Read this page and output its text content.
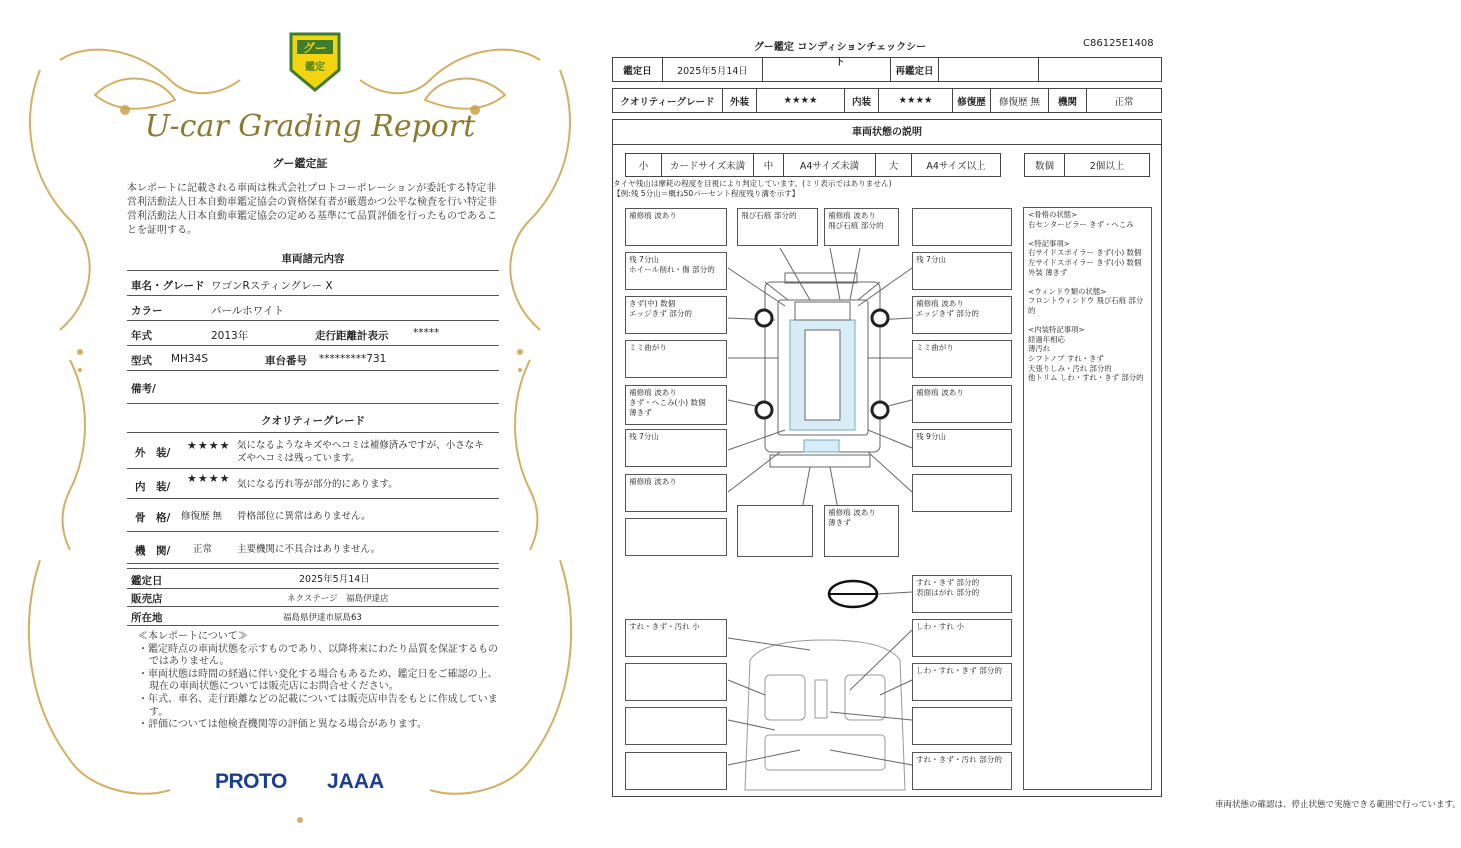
グー
鑑定
U-car Grading Report
グー鑑定証
本レポートに記載される車両は株式会社プロトコーポレーションが委託する特定非営利活動法人日本自動車鑑定協会の資格保有者が厳選かつ公平な検査を行い特定非営利活動法人日本自動車鑑定協会の定める基準にて品質評価を行ったものであることを証明する。
車両諸元内容
車名・グレード ワゴンRスティングレー X
カラー	パールホワイト
年式	2013年	走行距離計表示 *****
型式 MH34S	車台番号 *********731
備考/
クオリティーグレード
外　装/
★★★★ 気になるようなキズやヘコミは補修済みですが、小さなキズやヘコミは残っています。
内　装/
★★★★ 気になる汚れ等が部分的にあります。
骨　格/ 修復歴 無 骨格部位に異常はありません。
機　関/ 正常	主要機関に不具合はありません。
鑑定日	2025年5月14日
販売店	ネクステージ　福島伊達店
所在地	福島県伊達市原島63
≪本レポートについて≫
・鑑定時点の車両状態を示すものであり、以降将来にわたり品質を保証するものではありません。
・車両状態は時間の経過に伴い変化する場合もあるため、鑑定日をご確認の上、現在の車両状態については販売店にお問合せください。
・年式、車名、走行距離などの記載については販売店申告をもとに作成しています。
・評価については他検査機関等の評価と異なる場合があります。
PROTO JAAA
グー鑑定 コンディションチェックシート
C86125E1408
鑑定日	2025年5月14日	再鑑定日
クオリティーグレード	外装	★★★★	内装	★★★★	修復歴	修復歴 無	機関	正常
車両状態の説明
小	カードサイズ未満	中	A4サイズ未満	大	A4サイズ以上	数個	2個以上
タイヤ残山は摩耗の程度を目視により判定しています。(ミリ表示ではありません)
【例:残 5分山＝概ね50パーセント程度残り溝を示す】
車両状態の確認は、停止状態で実施できる範囲で行っています。
補修痕 波あり	飛び石痕 部分的	補修痕 波あり
飛び石痕 部分的
残 7分山
ホイール削れ・傷 部分的
残 7分山
きず(中) 数個
エッジきず 部分的
補修痕 波あり
エッジきず 部分的
ミミ曲がり	ミミ曲がり
補修痕 波あり
きず・へこみ(小) 数個
薄きず
補修痕 波あり
残 7分山	残 9分山
補修痕 波あり
補修痕 波あり
薄きず
すれ・きず 部分的
表面はがれ 部分的
すれ・きず・汚れ 小	しわ・すれ 小
しわ・すれ・きず 部分的
すれ・きず・汚れ 部分的
<骨格の状態>
右センターピラー きず・へこみ

<特記事項>
右サイドスポイラー きず(小) 数個
左サイドスポイラー きず(小) 数個
外装 薄きず

<ウィンドウ類の状態>
フロントウィンドウ 飛び石痕 部分的

<内装特記事項>
経過年相応
薄汚れ
シフトノブ すれ・きず
天張りしみ・汚れ 部分的
他トリム しわ・すれ・きず 部分的
